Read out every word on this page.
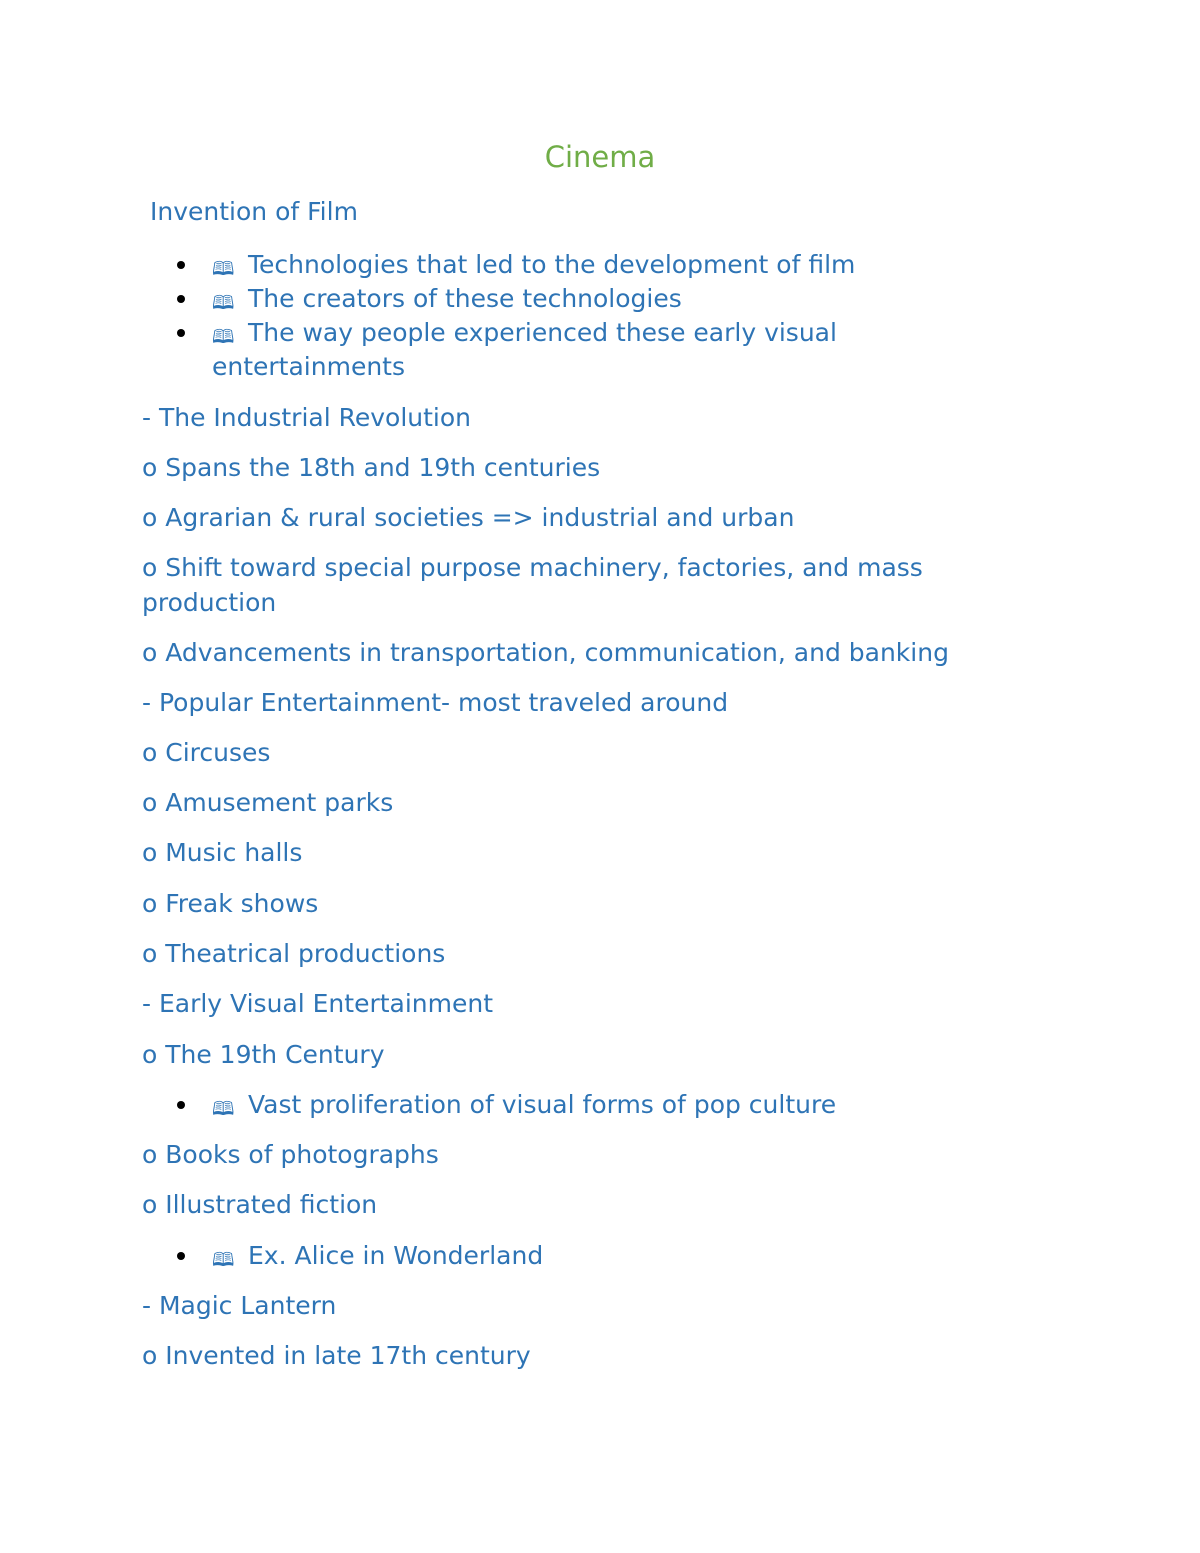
Cinema
Invention of Film
🕮 Technologies that led to the development of film
🕮 The creators of these technologies
🕮 The way people experienced these early visual
entertainments
- The Industrial Revolution
o Spans the 18th and 19th centuries
o Agrarian & rural societies => industrial and urban
o Shift toward special purpose machinery, factories, and mass
production
o Advancements in transportation, communication, and banking
- Popular Entertainment- most traveled around
o Circuses
o Amusement parks
o Music halls
o Freak shows
o Theatrical productions
- Early Visual Entertainment
o The 19th Century
🕮 Vast proliferation of visual forms of pop culture
o Books of photographs
o Illustrated fiction
🕮 Ex. Alice in Wonderland
- Magic Lantern
o Invented in late 17th century
